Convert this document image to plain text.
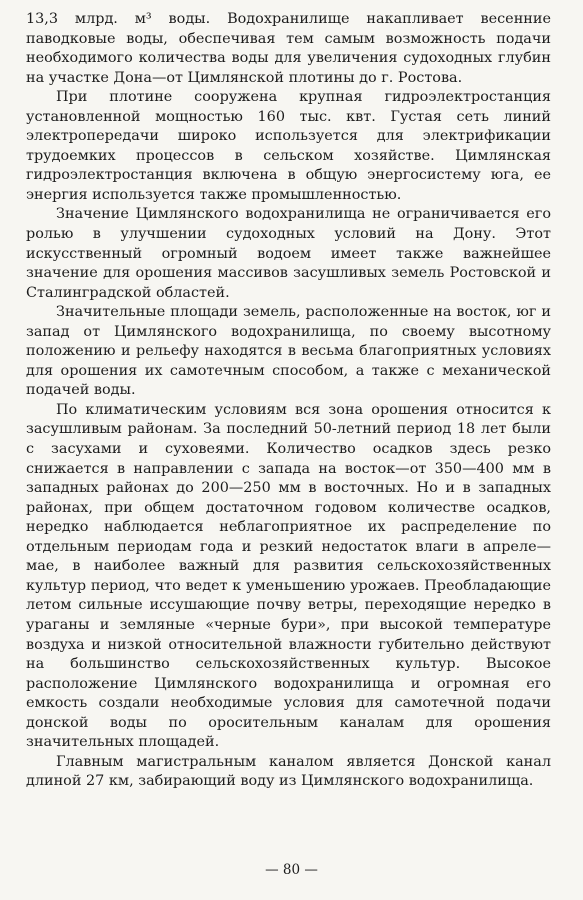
13,3 млрд. м³ воды. Водохранилище накапливает весенние паводковые воды, обеспечивая тем самым возможность подачи необходимого количества воды для увеличения судоходных глубин на участке Дона—от Цимлянской плотины до г. Ростова.

При плотине сооружена крупная гидроэлектростанция установленной мощностью 160 тыс. квт. Густая сеть линий электропередачи широко используется для электрификации трудоемких процессов в сельском хозяйстве. Цимлянская гидроэлектростанция включена в общую энергосистему юга, ее энергия используется также промышленностью.

Значение Цимлянского водохранилища не ограничивается его ролью в улучшении судоходных условий на Дону. Этот искусственный огромный водоем имеет также важнейшее значение для орошения массивов засушливых земель Ростовской и Сталинградской областей.

Значительные площади земель, расположенные на восток, юг и запад от Цимлянского водохранилища, по своему высотному положению и рельефу находятся в весьма благоприятных условиях для орошения их самотечным способом, а также с механической подачей воды.

По климатическим условиям вся зона орошения относится к засушливым районам. За последний 50-летний период 18 лет были с засухами и суховеями. Количество осадков здесь резко снижается в направлении с запада на восток—от 350—400 мм в западных районах до 200—250 мм в восточных. Но и в западных районах, при общем достаточном годовом количестве осадков, нередко наблюдается неблагоприятное их распределение по отдельным периодам года и резкий недостаток влаги в апреле—мае, в наиболее важный для развития сельскохозяйственных культур период, что ведет к уменьшению урожаев. Преобладающие летом сильные иссушающие почву ветры, переходящие нередко в ураганы и земляные «черные бури», при высокой температуре воздуха и низкой относительной влажности губительно действуют на большинство сельскохозяйственных культур. Высокое расположение Цимлянского водохранилища и огромная его емкость создали необходимые условия для самотечной подачи донской воды по оросительным каналам для орошения значительных площадей.

Главным магистральным каналом является Донской канал длиной 27 км, забирающий воду из Цимлянского водохранилища.

— 80 —
